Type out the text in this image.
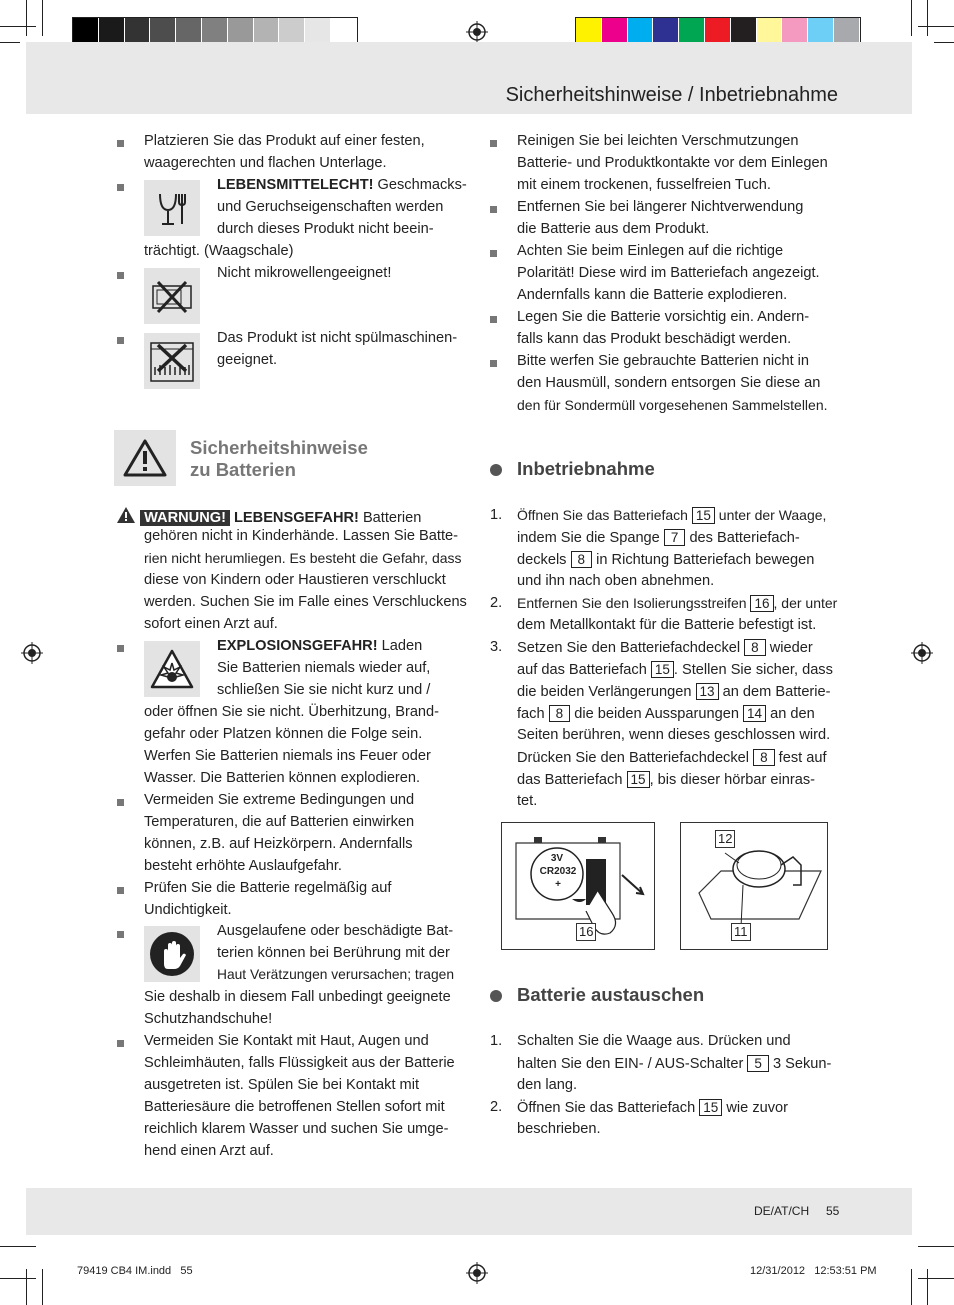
Sicherheitshinweise / Inbetriebnahme
Platzieren Sie das Produkt auf einer festen,
waagerechten und flachen Unterlage.
LEBENSMITTELECHT! Geschmacks-
und Geruchseigenschaften werden
durch dieses Produkt nicht beein-
trächtigt. (Waagschale)
Nicht mikrowellengeeignet!
Das Produkt ist nicht spülmaschinen-
geeignet.
Sicherheitshinweise
zu Batterien
WARNUNG! LEBENSGEFAHR! Batterien
gehören nicht in Kinderhände. Lassen Sie Batte-
rien nicht herumliegen. Es besteht die Gefahr, dass
diese von Kindern oder Haustieren verschluckt
werden. Suchen Sie im Falle eines Verschluckens
sofort einen Arzt auf.
EXPLOSIONSGEFAHR! Laden
Sie Batterien niemals wieder auf,
schließen Sie sie nicht kurz und /
oder öffnen Sie sie nicht. Überhitzung, Brand-
gefahr oder Platzen können die Folge sein.
Werfen Sie Batterien niemals ins Feuer oder
Wasser. Die Batterien können explodieren.
Vermeiden Sie extreme Bedingungen und
Temperaturen, die auf Batterien einwirken
können, z.B. auf Heizkörpern. Andernfalls
besteht erhöhte Auslaufgefahr.
Prüfen Sie die Batterie regelmäßig auf
Undichtigkeit.
Ausgelaufene oder beschädigte Bat-
terien können bei Berührung mit der
Haut Verätzungen verursachen; tragen
Sie deshalb in diesem Fall unbedingt geeignete
Schutzhandschuhe!
Vermeiden Sie Kontakt mit Haut, Augen und
Schleimhäuten, falls Flüssigkeit aus der Batterie
ausgetreten ist. Spülen Sie bei Kontakt mit
Batteriesäure die betroffenen Stellen sofort mit
reichlich klarem Wasser und suchen Sie umge-
hend einen Arzt auf.
Reinigen Sie bei leichten Verschmutzungen
Batterie- und Produktkontakte vor dem Einlegen
mit einem trockenen, fusselfreien Tuch.
Entfernen Sie bei längerer Nichtverwendung
die Batterie aus dem Produkt.
Achten Sie beim Einlegen auf die richtige
Polarität! Diese wird im Batteriefach angezeigt.
Andernfalls kann die Batterie explodieren.
Legen Sie die Batterie vorsichtig ein. Andern-
falls kann das Produkt beschädigt werden.
Bitte werfen Sie gebrauchte Batterien nicht in
den Hausmüll, sondern entsorgen Sie diese an
den für Sondermüll vorgesehenen Sammelstellen.
Inbetriebnahme
1. Öffnen Sie das Batteriefach 15 unter der Waage,
indem Sie die Spange 7 des Batteriefach-
deckels 8 in Richtung Batteriefach bewegen
und ihn nach oben abnehmen.
2. Entfernen Sie den Isolierungsstreifen 16 , der unter
dem Metallkontakt für die Batterie befestigt ist.
3. Setzen Sie den Batteriefachdeckel 8 wieder
auf das Batteriefach 15 . Stellen Sie sicher, dass
die beiden Verlängerungen 13 an dem Batterie-
fach 8 die beiden Aussparungen 14 an den
Seiten berühren, wenn dieses geschlossen wird.
Drücken Sie den Batteriefachdeckel 8 fest auf
das Batteriefach 15 , bis dieser hörbar einras-
tet.
3V
CR2032
+
16
12
11
Batterie austauschen
1. Schalten Sie die Waage aus. Drücken und
halten Sie den EIN- / AUS-Schalter 5 3 Sekun-
den lang.
2. Öffnen Sie das Batteriefach 15 wie zuvor
beschrieben.
DE/AT/CH 55
79419 CB4 IM.indd   55	12/31/2012   12:53:51 PM
